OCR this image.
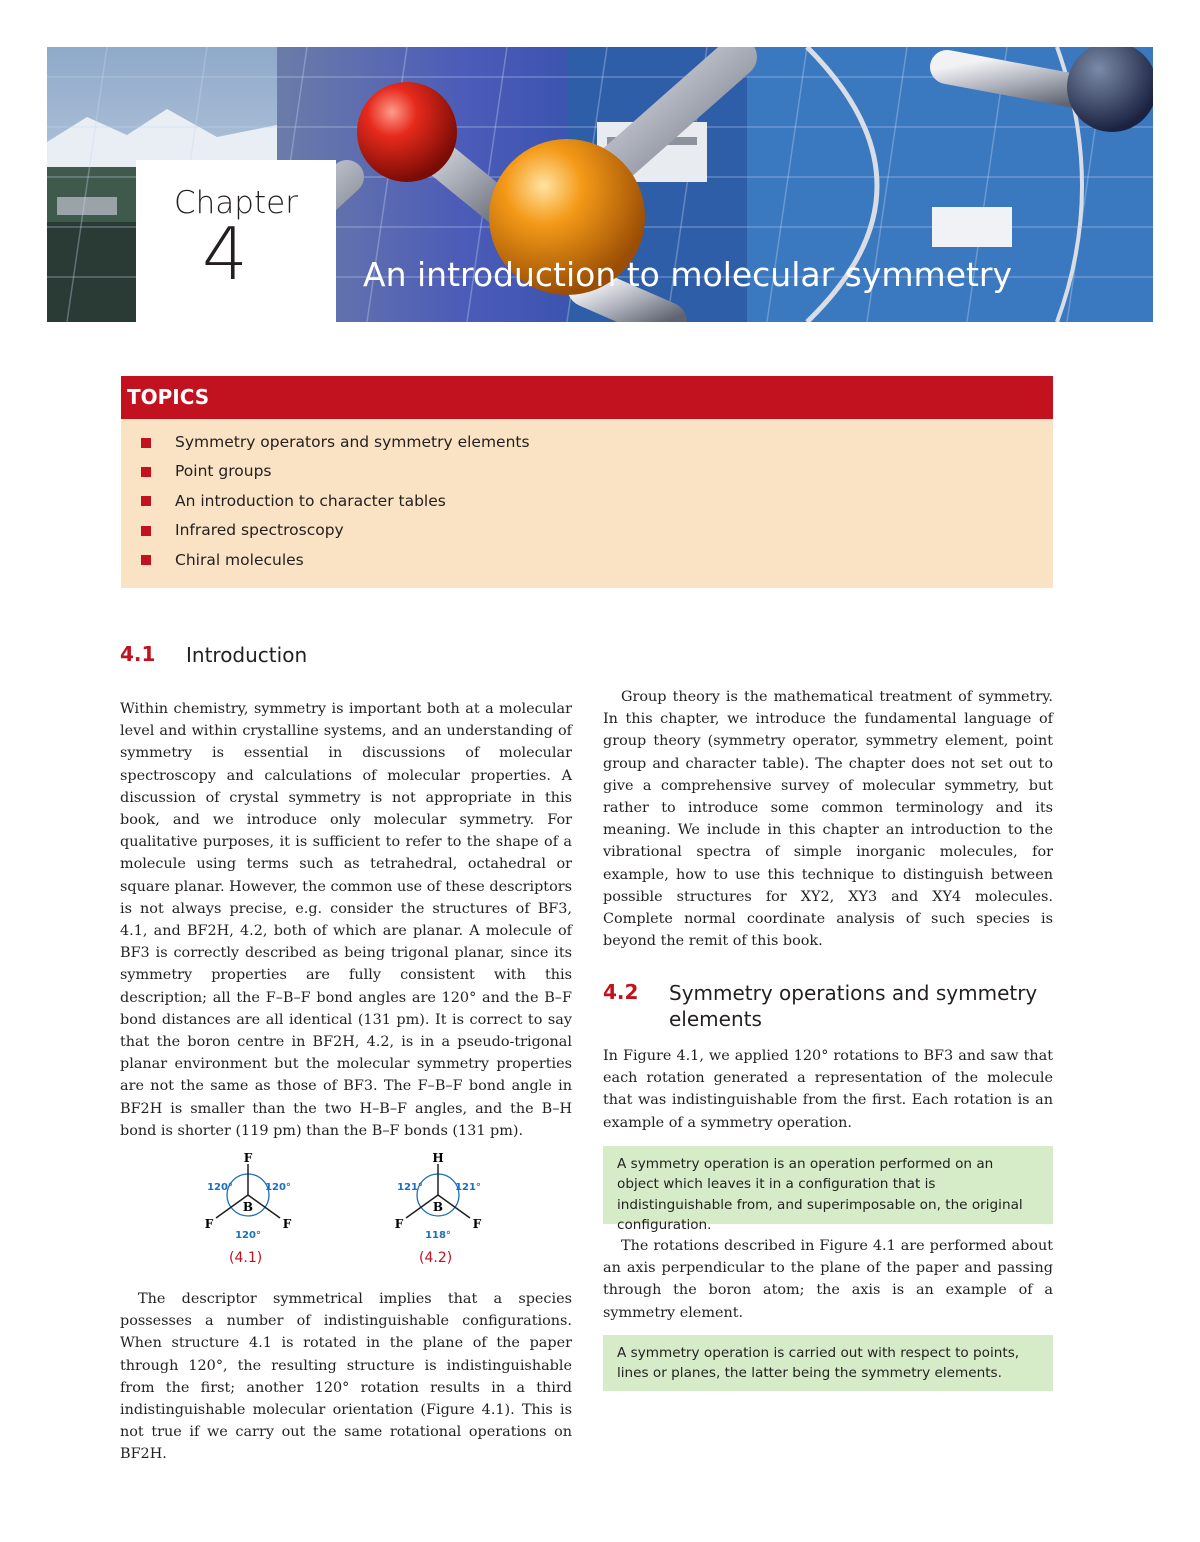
Chapter
4	An introduction to molecular symmetry
TOPICS
Symmetry operators and symmetry elements
Point groups
An introduction to character tables
Infrared spectroscopy
Chiral molecules
4.1 Introduction

Within chemistry, symmetry is important both at a molecular level and within crystalline systems, and an understanding of symmetry is essential in discussions of molecular spectroscopy and calculations of molecular properties. A discussion of crystal symmetry is not appropriate in this book, and we introduce only molecular symmetry. For qualitative purposes, it is sufficient to refer to the shape of a molecule using terms such as tetrahedral, octahedral or square planar. However, the common use of these descriptors is not always precise, e.g. consider the structures of BF3, 4.1, and BF2H, 4.2, both of which are planar. A molecule of BF3 is correctly described as being trigonal planar, since its symmetry properties are fully consistent with this description; all the F–B–F bond angles are 120° and the B–F bond distances are all identical (131 pm). It is correct to say that the boron centre in BF2H, 4.2, is in a pseudo-trigonal planar environment but the molecular symmetry properties are not the same as those of BF3. The F–B–F bond angle in BF2H is smaller than the two H–B–F angles, and the B–H bond is shorter (119 pm) than the B–F bonds (131 pm).

F
B
F	F
120°	120°
120°
(4.1)
H
B
F	F
121°	121°
118°
(4.2)

The descriptor symmetrical implies that a species possesses a number of indistinguishable configurations. When structure 4.1 is rotated in the plane of the paper through 120°, the resulting structure is indistinguishable from the first; another 120° rotation results in a third indistinguishable molecular orientation (Figure 4.1). This is not true if we carry out the same rotational operations on BF2H.

Group theory is the mathematical treatment of symmetry. In this chapter, we introduce the fundamental language of group theory (symmetry operator, symmetry element, point group and character table). The chapter does not set out to give a comprehensive survey of molecular symmetry, but rather to introduce some common terminology and its meaning. We include in this chapter an introduction to the vibrational spectra of simple inorganic molecules, for example, how to use this technique to distinguish between possible structures for XY2, XY3 and XY4 molecules. Complete normal coordinate analysis of such species is beyond the remit of this book.

4.2 Symmetry operations and symmetry elements

In Figure 4.1, we applied 120° rotations to BF3 and saw that each rotation generated a representation of the molecule that was indistinguishable from the first. Each rotation is an example of a symmetry operation.

A symmetry operation is an operation performed on an object which leaves it in a configuration that is indistinguishable from, and superimposable on, the original configuration.

The rotations described in Figure 4.1 are performed about an axis perpendicular to the plane of the paper and passing through the boron atom; the axis is an example of a symmetry element.

A symmetry operation is carried out with respect to points, lines or planes, the latter being the symmetry elements.
